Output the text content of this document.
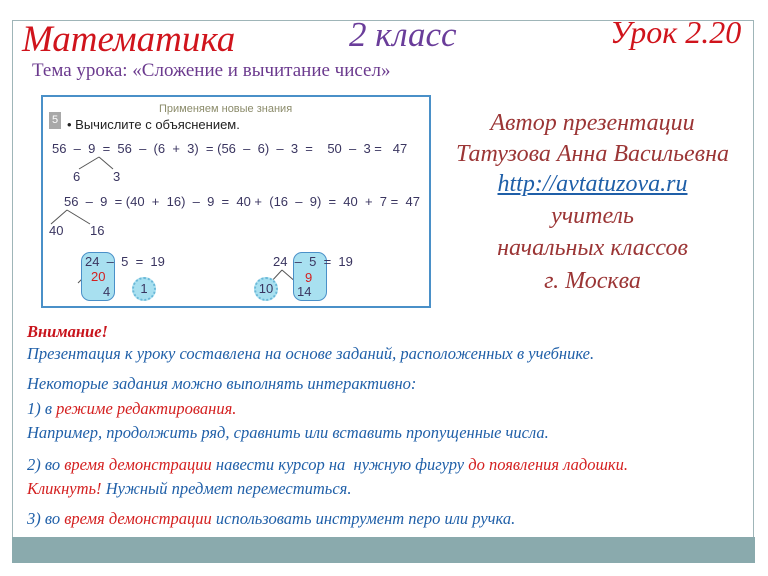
Математика	2 класс	Урок 2.20
Тема урока: «Сложение и вычитание чисел»
Применяем новые знания
5 • Вычислите с объяснением.
56  –  9  =  56  –  (6  +  3)  = (56  –  6)  –  3  =    50  –  3 =   47
6	3
56  –  9  = (40  +  16)  –  9  =  40 +  (16  –  9)  =  40  +  7 =  47
40 16
24  –  5  =  19
20
4	1
24  –  5  =  19
9
10	14
Автор презентации
Татузова Анна Васильевна
http://avtatuzova.ru
учитель
начальных классов
г. Москва
Внимание!
Презентация к уроку составлена на основе заданий, расположенных в учебнике.
Некоторые задания можно выполнять интерактивно:
1) в режиме редактирования.
Например, продолжить ряд, сравнить или вставить пропущенные числа.
2) во время демонстрации навести курсор на  нужную фигуру до появления ладошки.
Кликнуть! Нужный предмет переместиться.
3) во время демонстрации использовать инструмент перо или ручка.
